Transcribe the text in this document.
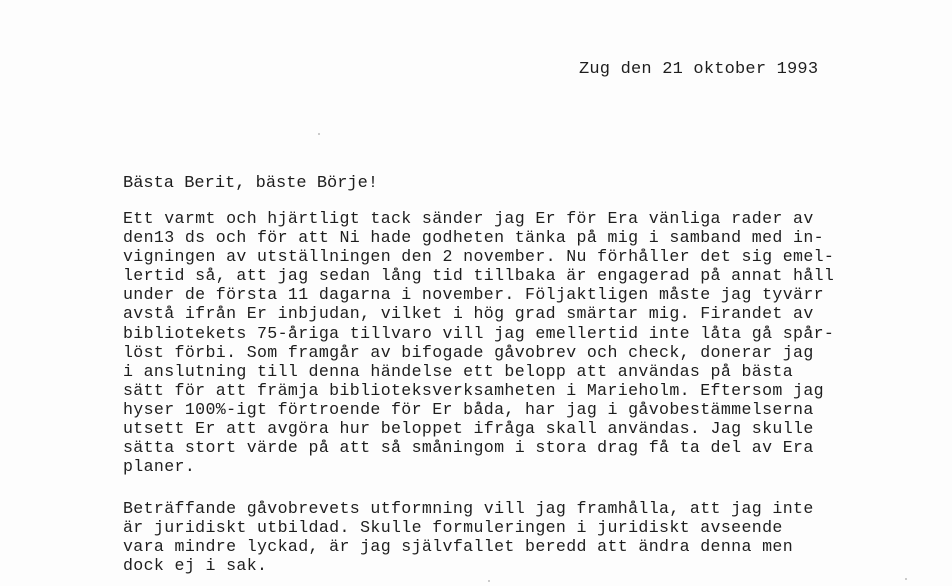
Zug den 21 oktober 1993
Bästa Berit, bäste Börje!
Ett varmt och hjärtligt tack sänder jag Er för Era vänliga rader av
den13 ds och för att Ni hade godheten tänka på mig i samband med in-
vigningen av utställningen den 2 november. Nu förhåller det sig emel-
lertid så, att jag sedan lång tid tillbaka är engagerad på annat håll
under de första 11 dagarna i november. Följaktligen måste jag tyvärr
avstå ifrån Er inbjudan, vilket i hög grad smärtar mig. Firandet av
bibliotekets 75-åriga tillvaro vill jag emellertid inte låta gå spår-
löst förbi. Som framgår av bifogade gåvobrev och check, donerar jag
i anslutning till denna händelse ett belopp att användas på bästa
sätt för att främja biblioteksverksamheten i Marieholm. Eftersom jag
hyser 100%-igt förtroende för Er båda, har jag i gåvobestämmelserna
utsett Er att avgöra hur beloppet ifråga skall användas. Jag skulle
sätta stort värde på att så småningom i stora drag få ta del av Era
planer.
Beträffande gåvobrevets utformning vill jag framhålla, att jag inte
är juridiskt utbildad. Skulle formuleringen i juridiskt avseende
vara mindre lyckad, är jag självfallet beredd att ändra denna men
dock ej i sak.
